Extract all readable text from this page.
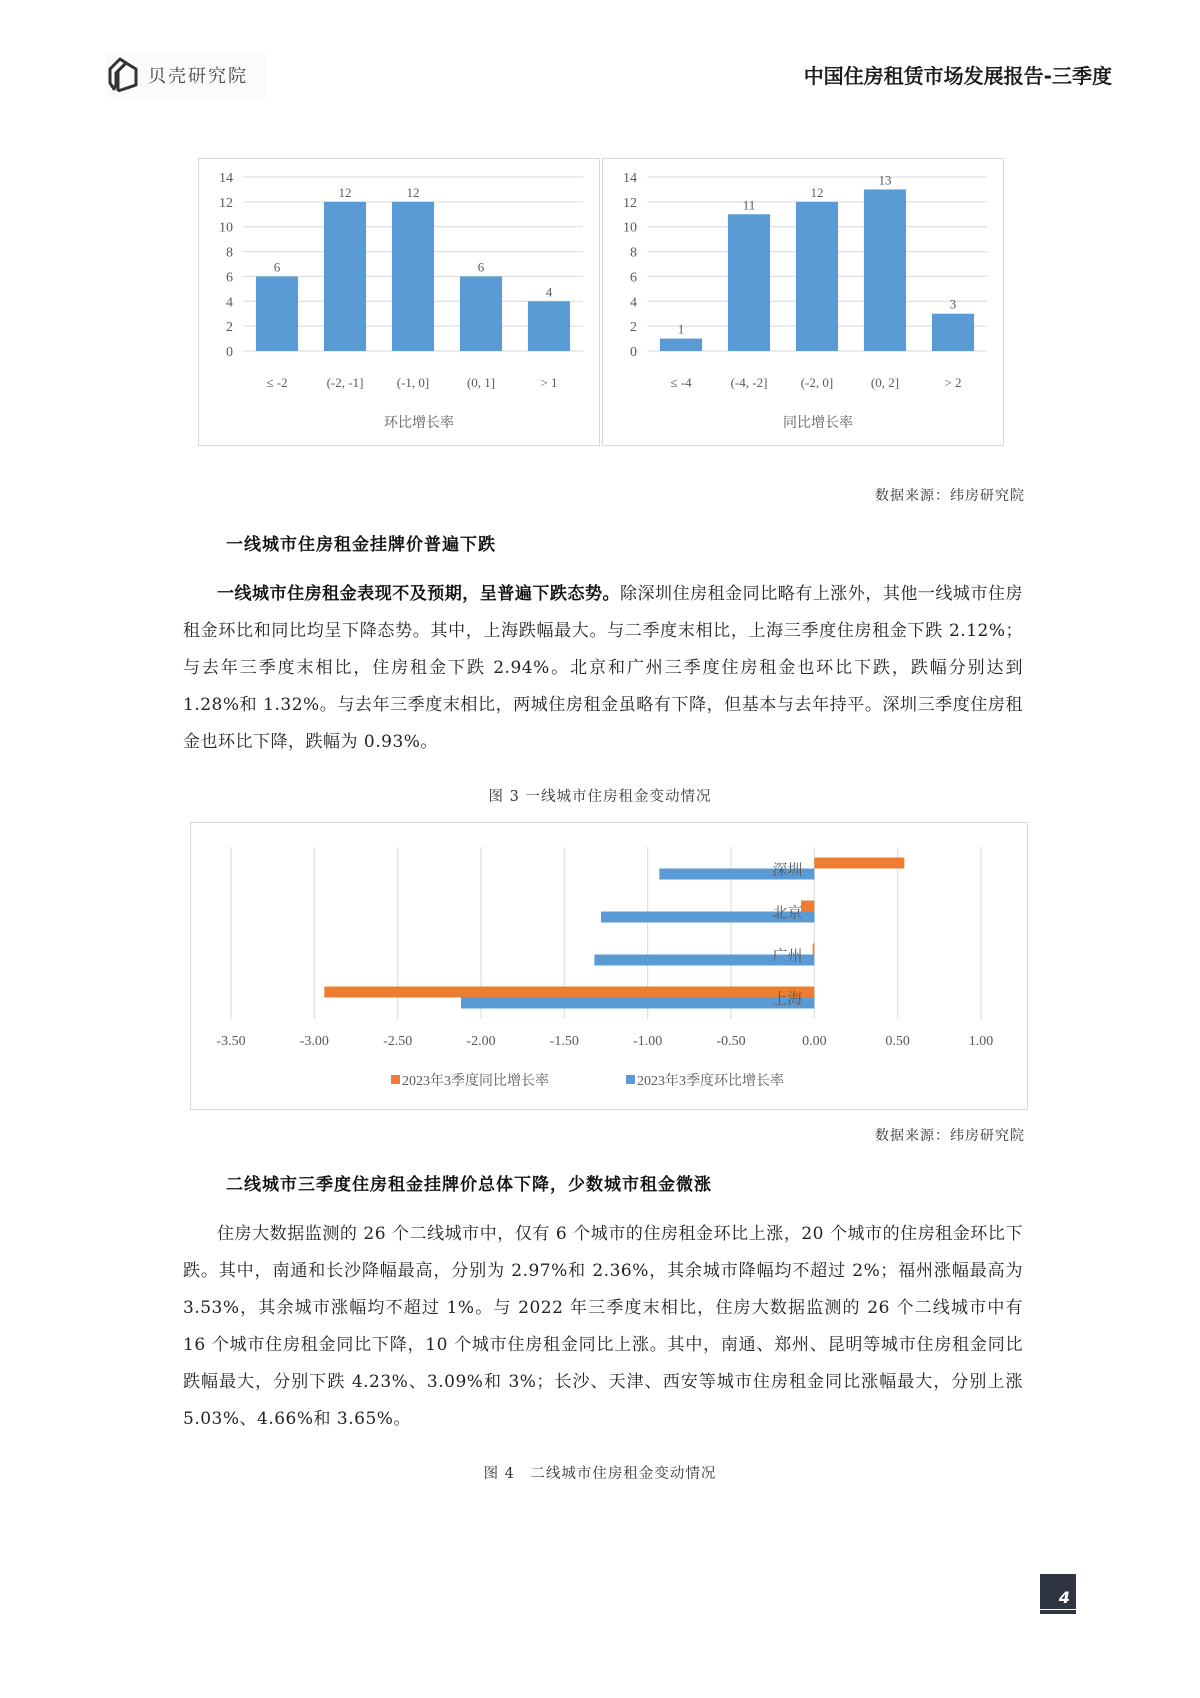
贝壳研究院	中国住房租赁市场发展报告-三季度
0
2
4
6
8
10
12
14
6
≤ -2
12
(-2, -1]
12
(-1, 0]
6
(0, 1]
4
> 1
环比增长率
0
2
4
6
8
10
12
14
1
≤ -4
11
(-4, -2]
12
(-2, 0]
13
(0, 2]
3
> 2
同比增长率
数据来源：纬房研究院
一线城市住房租金挂牌价普遍下跌
一线城市住房租金表现不及预期，呈普遍下跌态势。除深圳住房租金同比略有上涨外，其他一线城市住房租金环比和同比均呈下降态势。其中，上海跌幅最大。与二季度末相比，上海三季度住房租金下跌 2.12%；与去年三季度末相比，住房租金下跌 2.94%。北京和广州三季度住房租金也环比下跌，跌幅分别达到 1.28%和 1.32%。与去年三季度末相比，两城住房租金虽略有下降，但基本与去年持平。深圳三季度住房租金也环比下降，跌幅为 0.93%。
图 3 一线城市住房租金变动情况
深圳
北京
广州
上海
-3.50	-3.00	-2.50	-2.00	-1.50	-1.00	-0.50	0.00	0.50	1.00
2023年3季度同比增长率	2023年3季度环比增长率
数据来源：纬房研究院
二线城市三季度住房租金挂牌价总体下降，少数城市租金微涨
住房大数据监测的 26 个二线城市中，仅有 6 个城市的住房租金环比上涨，20 个城市的住房租金环比下跌。其中，南通和长沙降幅最高，分别为 2.97%和 2.36%，其余城市降幅均不超过 2%；福州涨幅最高为 3.53%，其余城市涨幅均不超过 1%。与 2022 年三季度末相比，住房大数据监测的 26 个二线城市中有 16 个城市住房租金同比下降，10 个城市住房租金同比上涨。其中，南通、郑州、昆明等城市住房租金同比跌幅最大，分别下跌 4.23%、3.09%和 3%；长沙、天津、西安等城市住房租金同比涨幅最大，分别上涨 5.03%、4.66%和 3.65%。
图 4　二线城市住房租金变动情况
4
